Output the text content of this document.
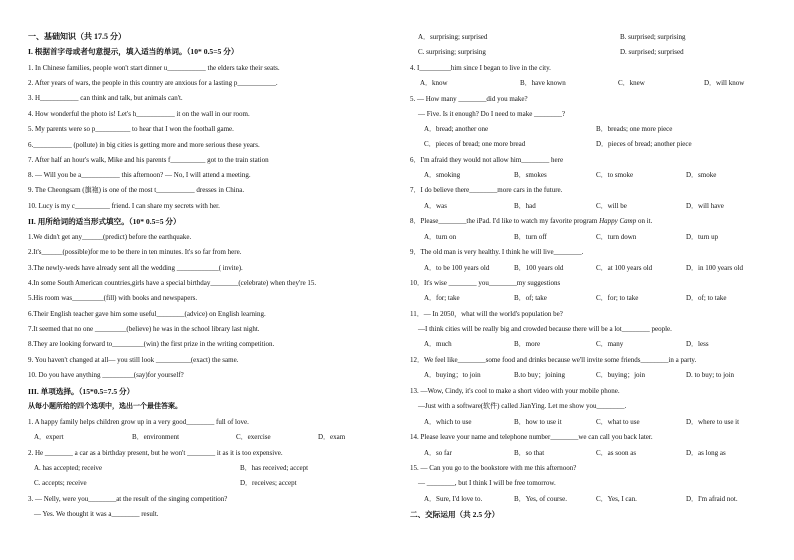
一、基础知识（共 17.5 分）
I. 根据首字母或者句意提示，填入适当的单词。（10* 0.5=5 分）
1. In Chinese families, people won't start dinner u___________ the elders take their seats.
2. After years of wars, the people in this country are anxious for a lasting p___________.
3. H___________ can think and talk, but animals can't.
4. How wonderful the photo is! Let's h___________ it on the wall in our room.
5. My parents were so p__________ to hear that I won the football game.
6.___________ (pollute) in big cities is getting more and more serious these years.
7. After half an hour's walk, Mike and his parents f__________ got to the train station
8. — Will you be a___________ this afternoon? — No, I will attend a meeting.
9. The Cheongsam (旗袍) is one of the most t___________ dresses in China.
10. Lucy is my c__________ friend. I can share my secrets with her.
II. 用所给词的适当形式填空。（10* 0.5=5 分）
1.We didn't get any______(predict) before the earthquake.
2.It's______(possible)for me to be there in ten minutes. It's so far from here.
3.The newly-weds have already sent all the wedding ____________( invite).
4.In some South American countries,girls have a special birthday________(celebrate) when they're 15.
5.His room was_________(fill) with books and newspapers.
6.Their English teacher gave him some useful________(advice) on English learning.
7.It seemed that no one _________(believe) he was in the school library last night.
8.They are looking forward to_________(win) the first prize in the writing competition.
9. You haven't changed at all— you still look __________(exact) the same.
10. Do you have anything _________(say)for yourself?
III. 单项选择。（15*0.5=7.5 分）
从每小题所给的四个选项中，选出一个最佳答案。
1. A happy family helps children grow up in a very good________ full of love.
A．expert	B．environment	C．exercise	D．exam
2. He ________ a car as a birthday present, but he won't ________ it as it is too expensive.
A. has accepted; receive	B．has received; accept
C. accepts; receive	D．receives; accept
3. — Nelly, were you________at the result of the singing competition?
— Yes. We thought it was a________ result.
A．surprising; surprised	B. surprised; surprising
C. surprising; surprising	D. surprised; surprised
4. I_________him since I began to live in the city.
A．know	B．have known	C．knew	D．will know
5. — How many ________did you make?
— Five. Is it enough? Do I need to make ________?
A．bread; another one	B．breads; one more piece
C．pieces of bread; one more bread	D．pieces of bread; another piece
6．I'm afraid they would not allow him________ here
A．smoking	B．smokes	C．to smoke	D．smoke
7．I do believe there________more cars in the future.
A．was	B．had	C．will be	D．will have
8．Please________the iPad. I'd like to watch my favorite program Happy Camp on it.
A．turn on	B．turn off	C．turn down	D．turn up
9．The old man is very healthy. I think he will live________.
A．to be 100 years old	B．100 years old	C．at 100 years old	D．in 100 years old
10．It's wise ________ you________my suggestions
A．for; take	B．of; take	C．for; to take	D．of; to take
11．— In 2050，what will the world's population be?
—I think cities will be really big and crowded because there will be a lot________ people.
A．much	B．more	C．many	D．less
12．We feel like________some food and drinks because we'll invite some friends________in a party.
A．buying；to join	B.to buy；joining	C．buying；join	D. to buy; to join
13. —Wow, Cindy, it's cool to make a short video with your mobile phone.
—Just with a software(软件) called JianYing. Let me show you________.
A．which to use	B．how to use it	C．what to use	D．where to use it
14. Please leave your name and telephone number________we can call you back later.
A．so far	B．so that	C．as soon as	D．as long as
15. — Can you go to the bookstore with me this afternoon?
— ________, but I think I will be free tomorrow.
A．Sure, I'd love to.	B．Yes, of course.	C．Yes, I can.	D．I'm afraid not.
二、交际运用（共 2.5 分）
